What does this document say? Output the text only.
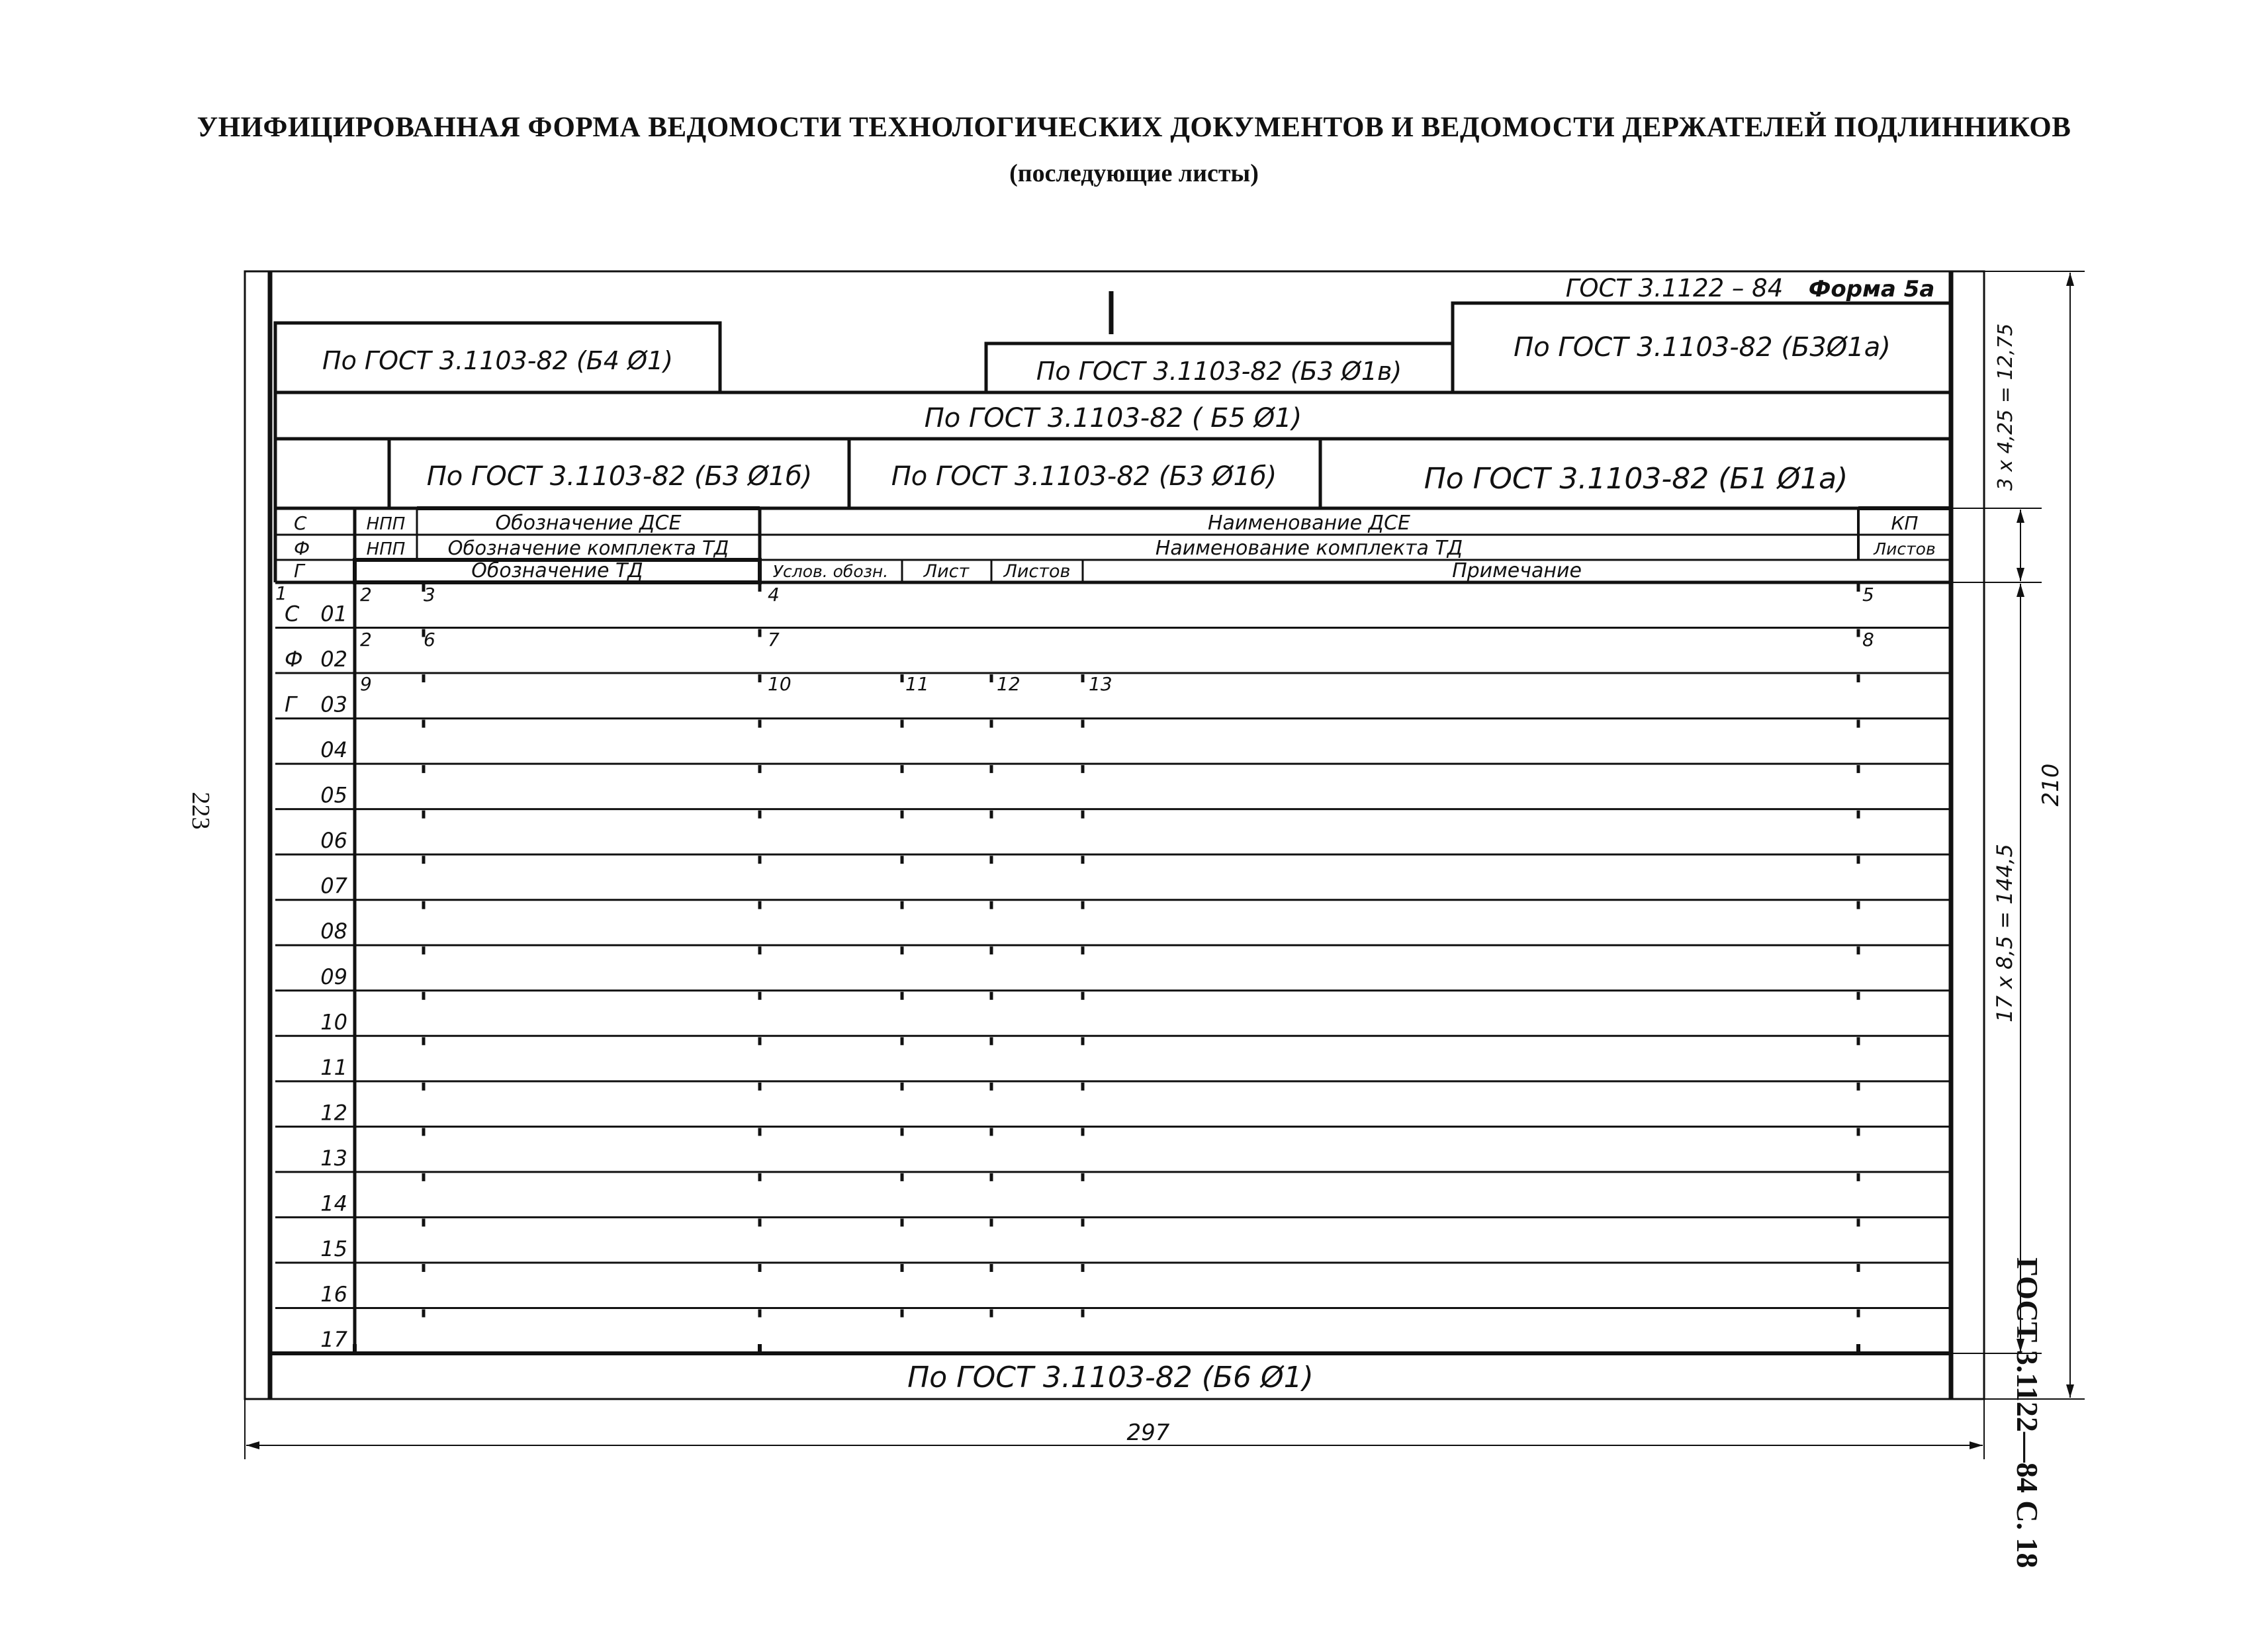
УНИФИЦИРОВАННАЯ ФОРМА ВЕДОМОСТИ ТЕХНОЛОГИЧЕСКИХ ДОКУМЕНТОВ И ВЕДОМОСТИ ДЕРЖАТЕЛЕЙ ПОДЛИННИКОВ
(последующие листы)
223
ГОСТ 3.1122—84 С. 18
01
С
02
Ф
03
Г
04
05
06
07
08
09
10
11
12
13
14
15
16
17
ГОСТ 3.1122 – 84 Форма 5а
По ГОСТ 3.1103-82 (Б4 Ø1)	По ГОСТ 3.1103-82 (Б3 Ø1в)
По ГОСТ 3.1103-82 (Б3Ø1а)
По ГОСТ 3.1103-82 ( Б5 Ø1)
По ГОСТ 3.1103-82 (Б3 Ø1б)	По ГОСТ 3.1103-82 (Б3 Ø1б)	По ГОСТ 3.1103-82 (Б1 Ø1а)
По ГОСТ 3.1103-82 (Б6 Ø1)
С	НПП	Обозначение ДСЕ	Наименование ДСЕ	КП
Ф	НПП Обозначение комплекта ТД	Наименование комплекта ТД	Листов
Г	Обозначение ТД	Услов. обозн. Лист Листов	Примечание
1	2	3	4	5
2	6	7	8
9	10	11	12	13
297
210
3 х 4,25 = 12,75
17 х 8,5 = 144,5
